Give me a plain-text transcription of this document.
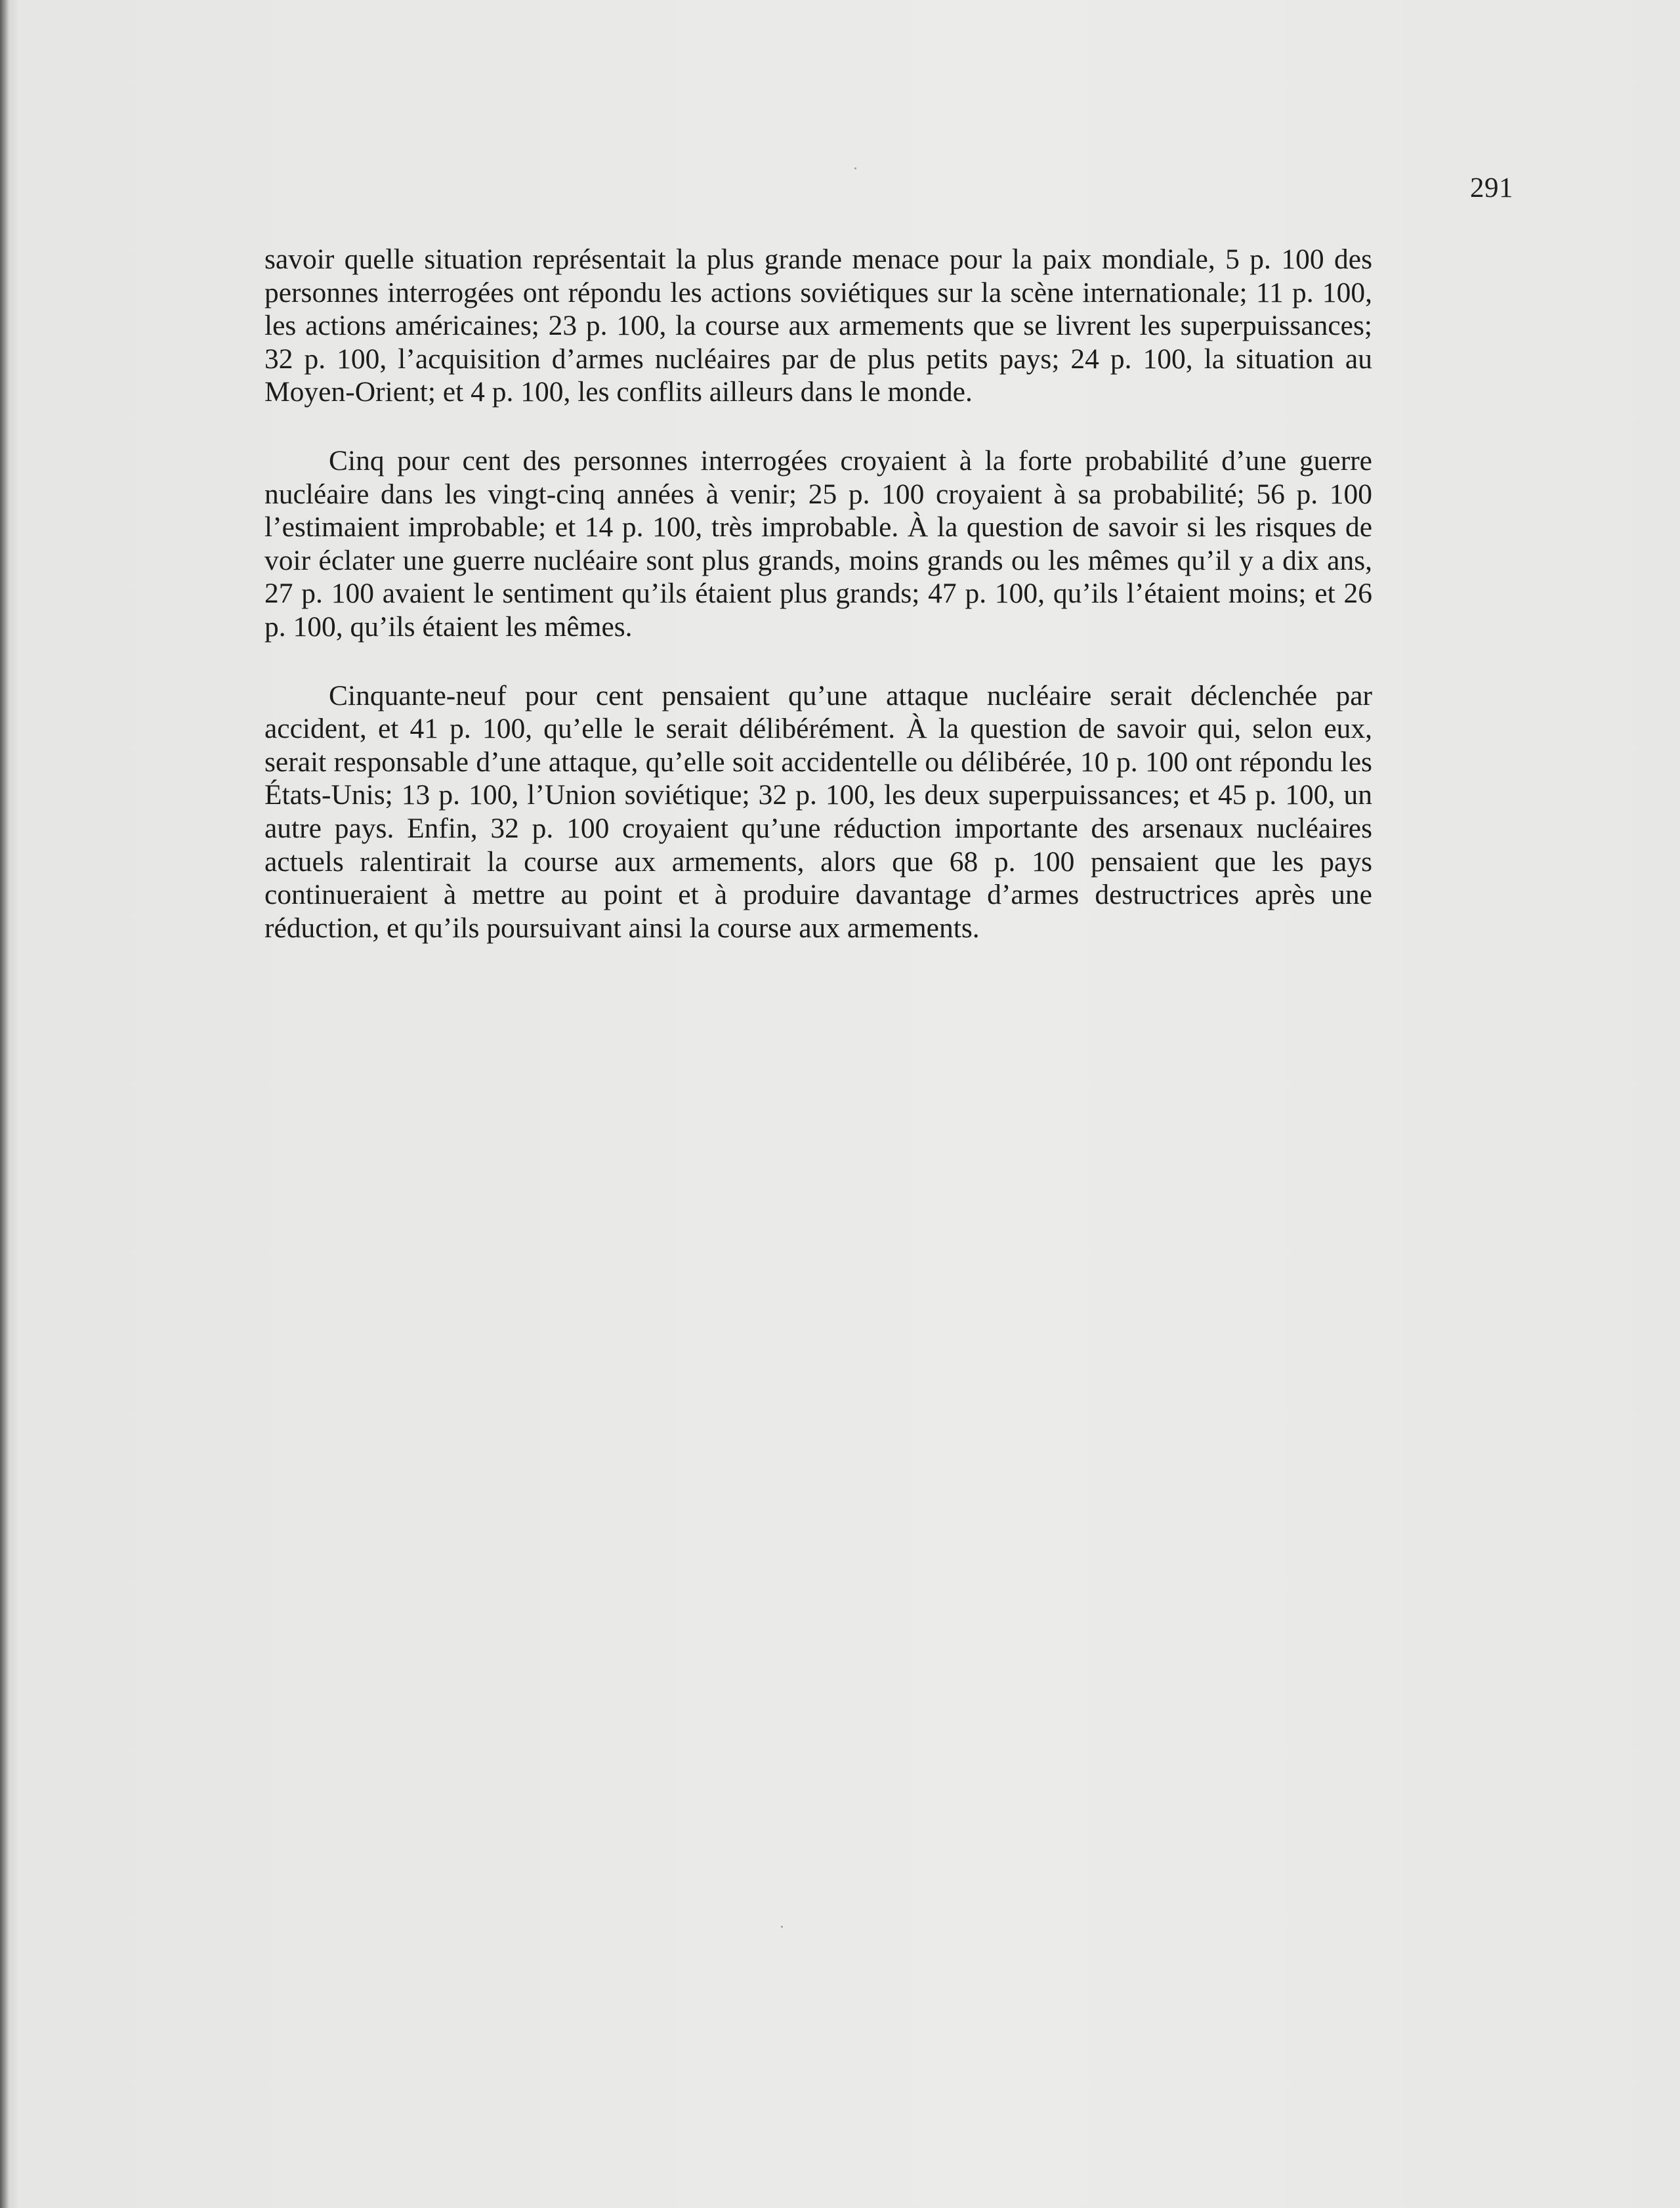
291

savoir quelle situation représentait la plus grande menace pour la paix mondiale, 5 p. 100 des personnes interrogées ont répondu les actions soviétiques sur la scène internationale; 11 p. 100, les actions américaines; 23 p. 100, la course aux armements que se livrent les superpuissances; 32 p. 100, l’acquisition d’armes nucléaires par de plus petits pays; 24 p. 100, la situation au Moyen-Orient; et 4 p. 100, les conflits ailleurs dans le monde.

Cinq pour cent des personnes interrogées croyaient à la forte probabilité d’une guerre nucléaire dans les vingt-cinq années à venir; 25 p. 100 croyaient à sa probabilité; 56 p. 100 l’estimaient improbable; et 14 p. 100, très improbable. À la question de savoir si les risques de voir éclater une guerre nucléaire sont plus grands, moins grands ou les mêmes qu’il y a dix ans, 27 p. 100 avaient le sentiment qu’ils étaient plus grands; 47 p. 100, qu’ils l’étaient moins; et 26 p. 100, qu’ils étaient les mêmes.

Cinquante-neuf pour cent pensaient qu’une attaque nucléaire serait déclenchée par accident, et 41 p. 100, qu’elle le serait délibérément. À la question de savoir qui, selon eux, serait responsable d’une attaque, qu’elle soit accidentelle ou délibérée, 10 p. 100 ont répondu les États-Unis; 13 p. 100, l’Union soviétique; 32 p. 100, les deux superpuissances; et 45 p. 100, un autre pays. Enfin, 32 p. 100 croyaient qu’une réduction importante des arsenaux nucléaires actuels ralentirait la course aux armements, alors que 68 p. 100 pensaient que les pays continueraient à mettre au point et à produire davantage d’armes destructrices après une réduction, et qu’ils poursuivant ainsi la course aux armements.
